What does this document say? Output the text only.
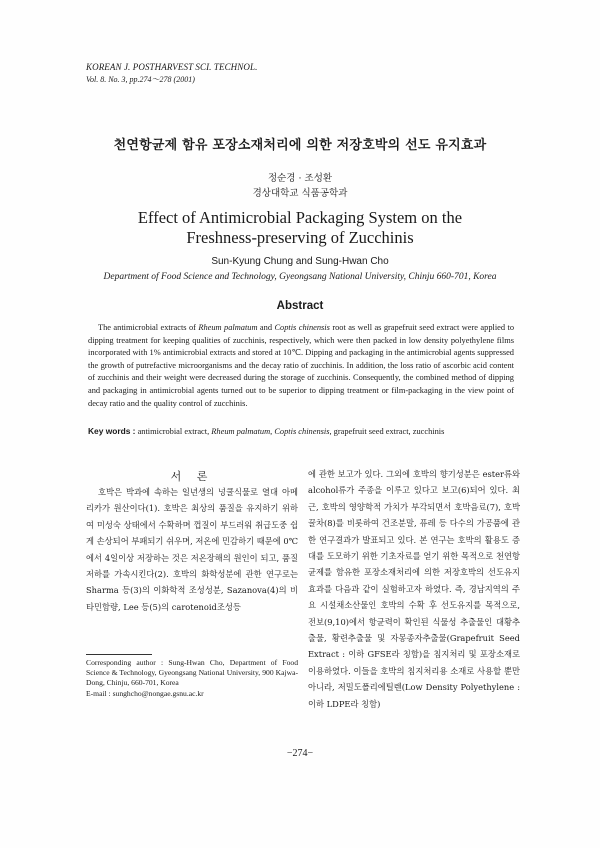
KOREAN J. POSTHARVEST SCI. TECHNOL.
Vol. 8. No. 3, pp.274～278 (2001)
천연항균제 함유 포장소재처리에 의한 저장호박의 선도 유지효과
정순경 · 조성환
경상대학교 식품공학과
Effect of Antimicrobial Packaging System on the
Freshness-preserving of Zucchinis
Sun-Kyung Chung and Sung-Hwan Cho
Department of Food Science and Technology, Gyeongsang National University, Chinju 660-701, Korea
Abstract

The antimicrobial extracts of Rheum palmatum and Coptis chinensis root as well as grapefruit seed extract were applied to dipping treatment for keeping qualities of zucchinis, respectively, which were then packed in low density polyethylene films incorporated with 1% antimicrobial extracts and stored at 10℃. Dipping and packaging in the antimicrobial agents suppressed the growth of putrefactive microorganisms and the decay ratio of zucchinis. In addition, the loss ratio of ascorbic acid content of zucchinis and their weight were decreased during the storage of zucchinis. Consequently, the combined method of dipping and packaging in antimicrobial agents turned out to be superior to dipping treatment or film-packaging in the view point of decay ratio and the quality control of zucchinis.

Key words : antimicrobial extract, Rheum palmatum, Coptis chinensis, grapefruit seed extract, zucchinis
서 론

호박은 박과에 속하는 일년생의 넝쿨식물로 열대 아메리카가 원산이다(1). 호박은 최상의 품질을 유지하기 위하여 미성숙 상태에서 수확하며 껍질이 부드러워 취급도중 쉽게 손상되어 부패되기 쉬우며, 저온에 민감하기 때문에 0℃에서 4일이상 저장하는 것은 저온장해의 원인이 되고, 품질저하를 가속시킨다(2). 호박의 화학성분에 관한 연구로는 Sharma 등(3)의 이화학적 조성성분, Sazanova(4)의 비타민함량, Lee 등(5)의 carotenoid조성등

에 관한 보고가 있다. 그외에 호박의 향기성분은 ester류와 alcohol류가 주종을 이루고 있다고 보고(6)되어 있다. 최근, 호박의 영양학적 가치가 부각되면서 호박음료(7), 호박꿀차(8)를 비롯하여 건조분말, 퓨레 등 다수의 가공품에 관한 연구결과가 발표되고 있다. 본 연구는 호박의 활용도 증대를 도모하기 위한 기초자료를 얻기 위한 목적으로 천연항균제를 함유한 포장소재처리에 의한 저장호박의 선도유지효과를 다음과 같이 실험하고자 하였다. 즉, 경남지역의 주요 시설채소산물인 호박의 수확 후 선도유지를 목적으로, 전보(9,10)에서 항균력이 확인된 식물성 추출물인 대황추출물, 황련추출물 및 자몽종자추출물(Grapefruit Seed Extract : 이하 GFSE라 칭함)을 침지처리 및 포장소재로 이용하였다. 이들을 호박의 침지처리용 소재로 사용할 뿐만아니라, 저밀도폴리에틸렌(Low Density Polyethylene : 이하 LDPE라 칭함)

Corresponding author : Sung-Hwan Cho, Department of Food Science & Technology, Gyeongsang National University, 900 Kajwa-Dong, Chinju, 660-701, Korea

E-mail : sunghcho@nongae.gsnu.ac.kr

−274−
